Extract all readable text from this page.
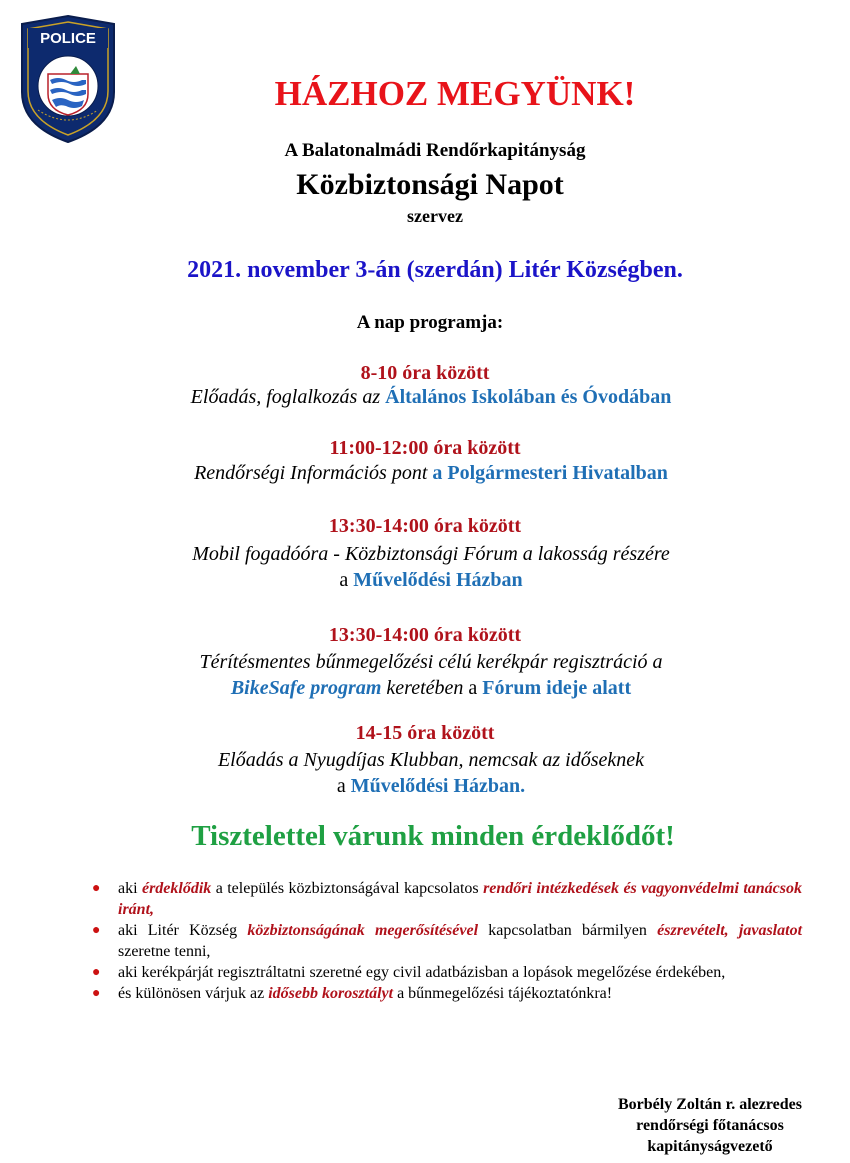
POLICE
HÁZHOZ MEGYÜNK!
A Balatonalmádi Rendőrkapitányság
Közbiztonsági Napot
szervez
2021. november 3-án (szerdán) Litér Községben.
A nap programja:
8-10 óra között
Előadás, foglalkozás az Általános Iskolában és Óvodában
11:00-12:00 óra között
Rendőrségi Információs pont a Polgármesteri Hivatalban
13:30-14:00 óra között
Mobil fogadóóra - Közbiztonsági Fórum a lakosság részére
a Művelődési Házban
13:30-14:00 óra között
Térítésmentes bűnmegelőzési célú kerékpár regisztráció a
BikeSafe program keretében a Fórum ideje alatt
14-15 óra között
Előadás a Nyugdíjas Klubban, nemcsak az időseknek
a Művelődési Házban.
Tisztelettel várunk minden érdeklődőt!
● aki érdeklődik a település közbiztonságával kapcsolatos rendőri intézkedések és vagyonvédelmi tanácsok iránt,
● aki Litér Község közbiztonságának megerősítésével kapcsolatban bármilyen észrevételt, javaslatot szeretne tenni,
● aki kerékpárját regisztráltatni szeretné egy civil adatbázisban a lopások megelőzése érdekében,
● és különösen várjuk az idősebb korosztályt a bűnmegelőzési tájékoztatónkra!
Borbély Zoltán r. alezredes
rendőrségi főtanácsos
kapitányságvezető
